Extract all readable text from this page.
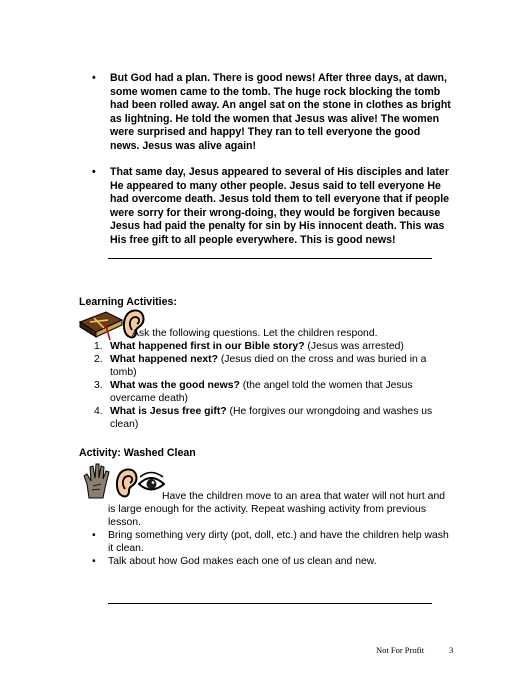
• But God had a plan. There is good news! After three days, at dawn, some women came to the tomb. The huge rock blocking the tomb had been rolled away. An angel sat on the stone in clothes as bright as lightning. He told the women that Jesus was alive! The women were surprised and happy! They ran to tell everyone the good news. Jesus was alive again!
• That same day, Jesus appeared to several of His disciples and later He appeared to many other people. Jesus said to tell everyone He had overcome death. Jesus told them to tell everyone that if people were sorry for their wrong-doing, they would be forgiven because Jesus had paid the penalty for sin by His innocent death. This was His free gift to all people everywhere. This is good news!
Learning Activities:
Ask the following questions. Let the children respond.
1. What happened first in our Bible story? (Jesus was arrested)
2. What happened next? (Jesus died on the cross and was buried in a tomb)
3. What was the good news? (the angel told the women that Jesus overcame death)
4. What is Jesus free gift? (He forgives our wrongdoing and washes us clean)
Activity: Washed Clean
Have the children move to an area that water will not hurt and is large enough for the activity. Repeat washing activity from previous lesson.
• Bring something very dirty (pot, doll, etc.) and have the children help wash it clean.
• Talk about how God makes each one of us clean and new.
Not For Profit	3
